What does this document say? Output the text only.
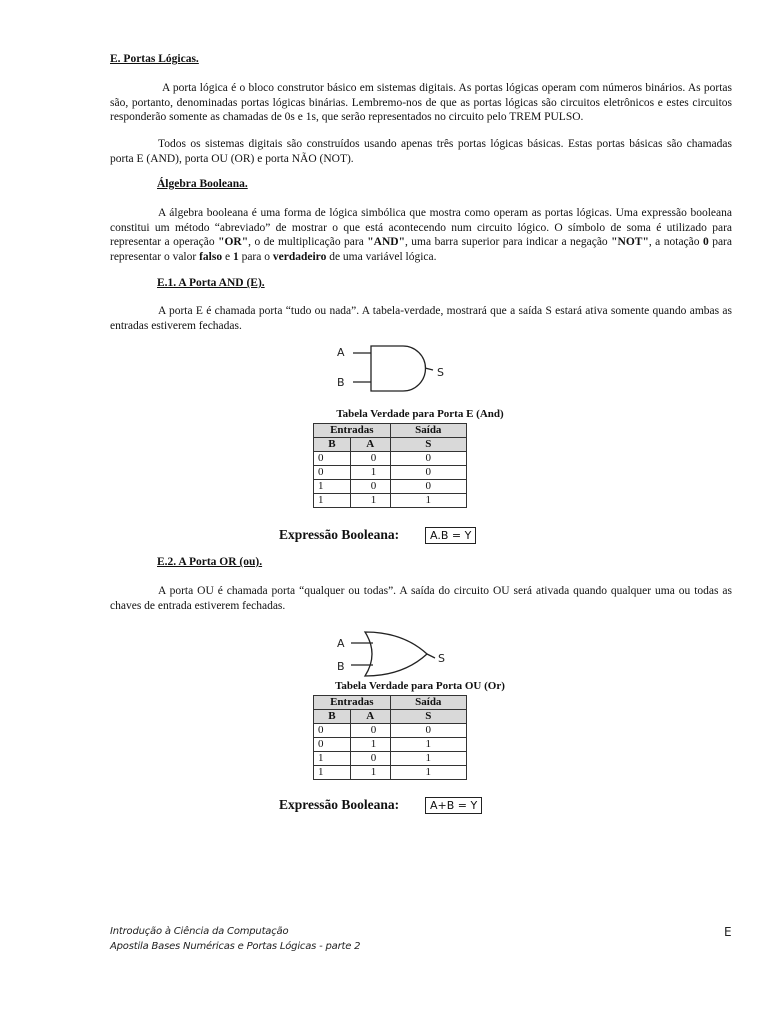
E. Portas Lógicas.

A porta lógica é o bloco construtor básico em sistemas digitais. As portas lógicas operam com números binários. As portas são, portanto, denominadas portas lógicas binárias. Lembremo-nos de que as portas lógicas são circuitos eletrônicos e estes circuitos responderão somente as chamadas de 0s e 1s, que serão representados no circuito pelo TREM PULSO.

Todos os sistemas digitais são construídos usando apenas três portas lógicas básicas. Estas portas básicas são chamadas porta E (AND), porta OU (OR) e porta NÃO (NOT).

Álgebra Booleana.

A álgebra booleana é uma forma de lógica simbólica que mostra como operam as portas lógicas. Uma expressão booleana constitui um método “abreviado” de mostrar o que está acontecendo num circuito lógico. O símbolo de soma é utilizado para representar a operação "OR", o de multiplicação para "AND", uma barra superior para indicar a negação "NOT", a notação 0 para representar o valor falso e 1 para o verdadeiro de uma variável lógica.

E.1. A Porta AND (E).

A porta E é chamada porta “tudo ou nada”. A tabela-verdade, mostrará que a saída S estará ativa somente quando ambas as entradas estiverem fechadas.

A
B
S
Tabela Verdade para Porta E (And)
Entradas		Saída
B	A	S
0	0	0
0	1	0
1	0	0
1	1	1
Expressão Booleana:	A.B = Y
E.2. A Porta OR (ou).

A porta OU é chamada porta “qualquer ou todas”. A saída do circuito OU será ativada quando qualquer uma ou todas as chaves de entrada estiverem fechadas.

A
B
S
Tabela Verdade para Porta OU (Or)
Entradas		Saída
B	A	S
0	0	0
0	1	1
1	0	1
1	1	1
Expressão Booleana:	A+B = Y
Introdução à Ciência da Computação
Apostila Bases Numéricas e Portas Lógicas - parte 2
E
